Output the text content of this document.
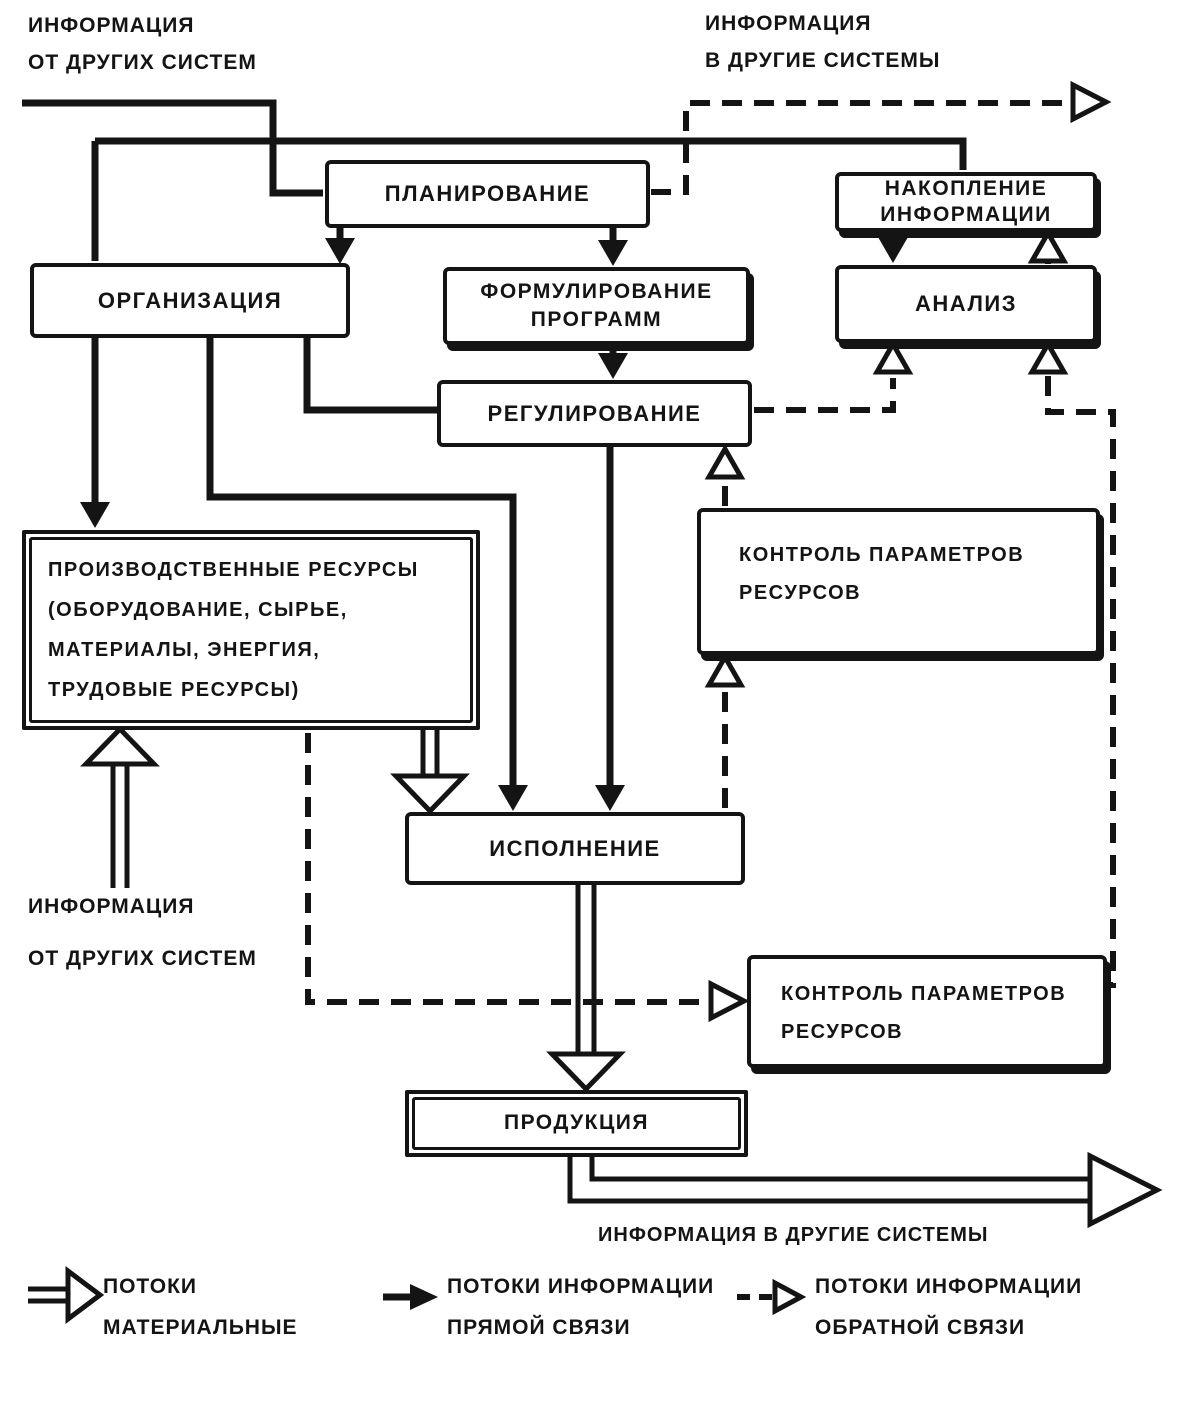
ИНФОРМАЦИЯ
ОТ ДРУГИХ СИСТЕМ
ИНФОРМАЦИЯ
В ДРУГИЕ СИСТЕМЫ
ИНФОРМАЦИЯ
ОТ ДРУГИХ СИСТЕМ
ИНФОРМАЦИЯ В ДРУГИЕ СИСТЕМЫ
ПЛАНИРОВАНИЕ
ОРГАНИЗАЦИЯ	ФОРМУЛИРОВАНИЕ
ПРОГРАММ
НАКОПЛЕНИЕ
ИНФОРМАЦИИ
АНАЛИЗ
РЕГУЛИРОВАНИЕ
КОНТРОЛЬ ПАРАМЕТРОВ
РЕСУРСОВ
ПРОИЗВОДСТВЕННЫЕ РЕСУРСЫ
(ОБОРУДОВАНИЕ, СЫРЬЕ,
МАТЕРИАЛЫ, ЭНЕРГИЯ,
ТРУДОВЫЕ РЕСУРСЫ)
ИСПОЛНЕНИЕ
КОНТРОЛЬ ПАРАМЕТРОВ
РЕСУРСОВ
ПРОДУКЦИЯ
ПОТОКИ
МАТЕРИАЛЬНЫЕ
ПОТОКИ ИНФОРМАЦИИ
ПРЯМОЙ СВЯЗИ
ПОТОКИ ИНФОРМАЦИИ
ОБРАТНОЙ СВЯЗИ
